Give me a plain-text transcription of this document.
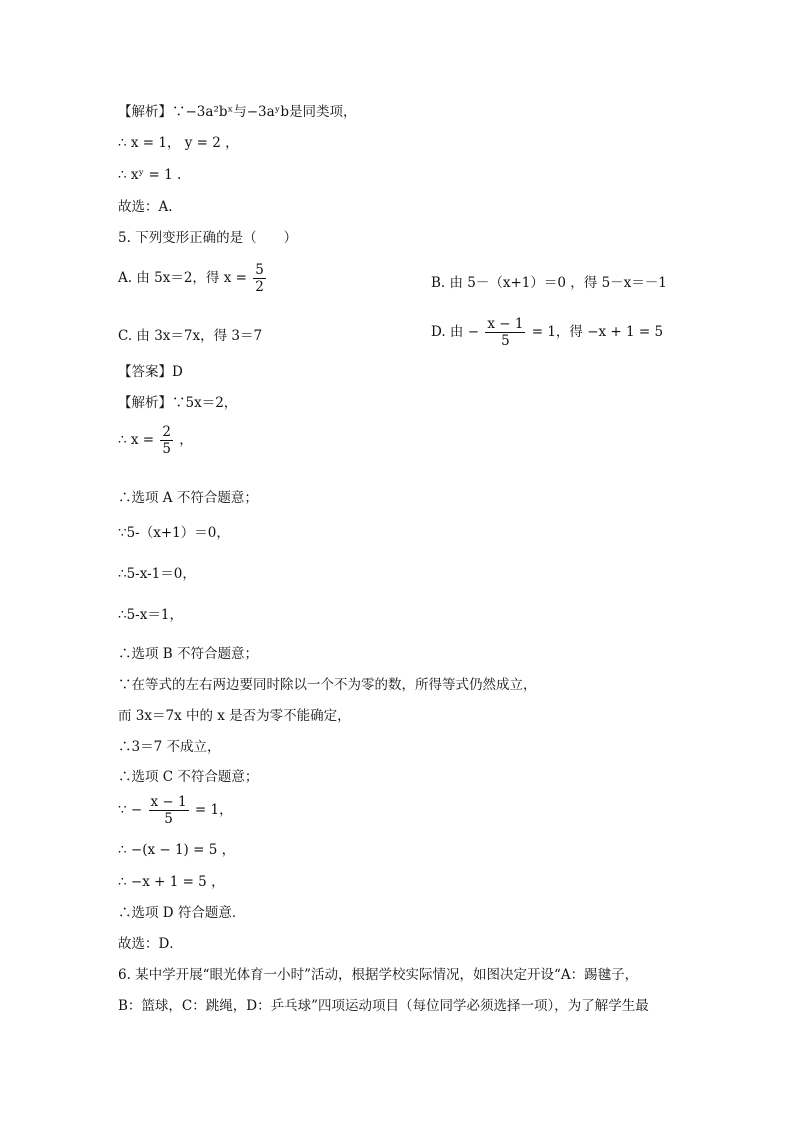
【解析】∵−3a²bˣ与−3aʸb是同类项，
∴ x = 1， y = 2 ，
∴ xʸ = 1 .
故选：A.
5. 下列变形正确的是（　　）
A. 由 5x＝2，得 $x = \frac{5}{2}$	B. 由 5－（x+1）＝0 ，得 5－x＝－1
C. 由 3x＝7x，得 3＝7	D. 由 − $\frac{x - 1}{5} = 1$，得 −x + 1 = 5
【答案】D
【解析】∵5x＝2，
∴ $x = \frac{2}{5}$ ，
∴选项 A 不符合题意；
∵5-（x+1）＝0，
∴5-x-1＝0，
∴5-x＝1，
∴选项 B 不符合题意；
∵在等式的左右两边要同时除以一个不为零的数，所得等式仍然成立，
而 3x＝7x 中的 x 是否为零不能确定，
∴3＝7 不成立，
∴选项 C 不符合题意；
∵ − $\frac{x - 1}{5} = 1$，
∴ −(x − 1) = 5 ，
∴ −x + 1 = 5 ，
∴选项 D 符合题意．
故选：D．
6. 某中学开展“眼光体育一小时”活动，根据学校实际情况，如图决定开设“A：踢毽子，
B：篮球，C：跳绳，D：乒乓球”四项运动项目（每位同学必须选择一项），为了解学生最
